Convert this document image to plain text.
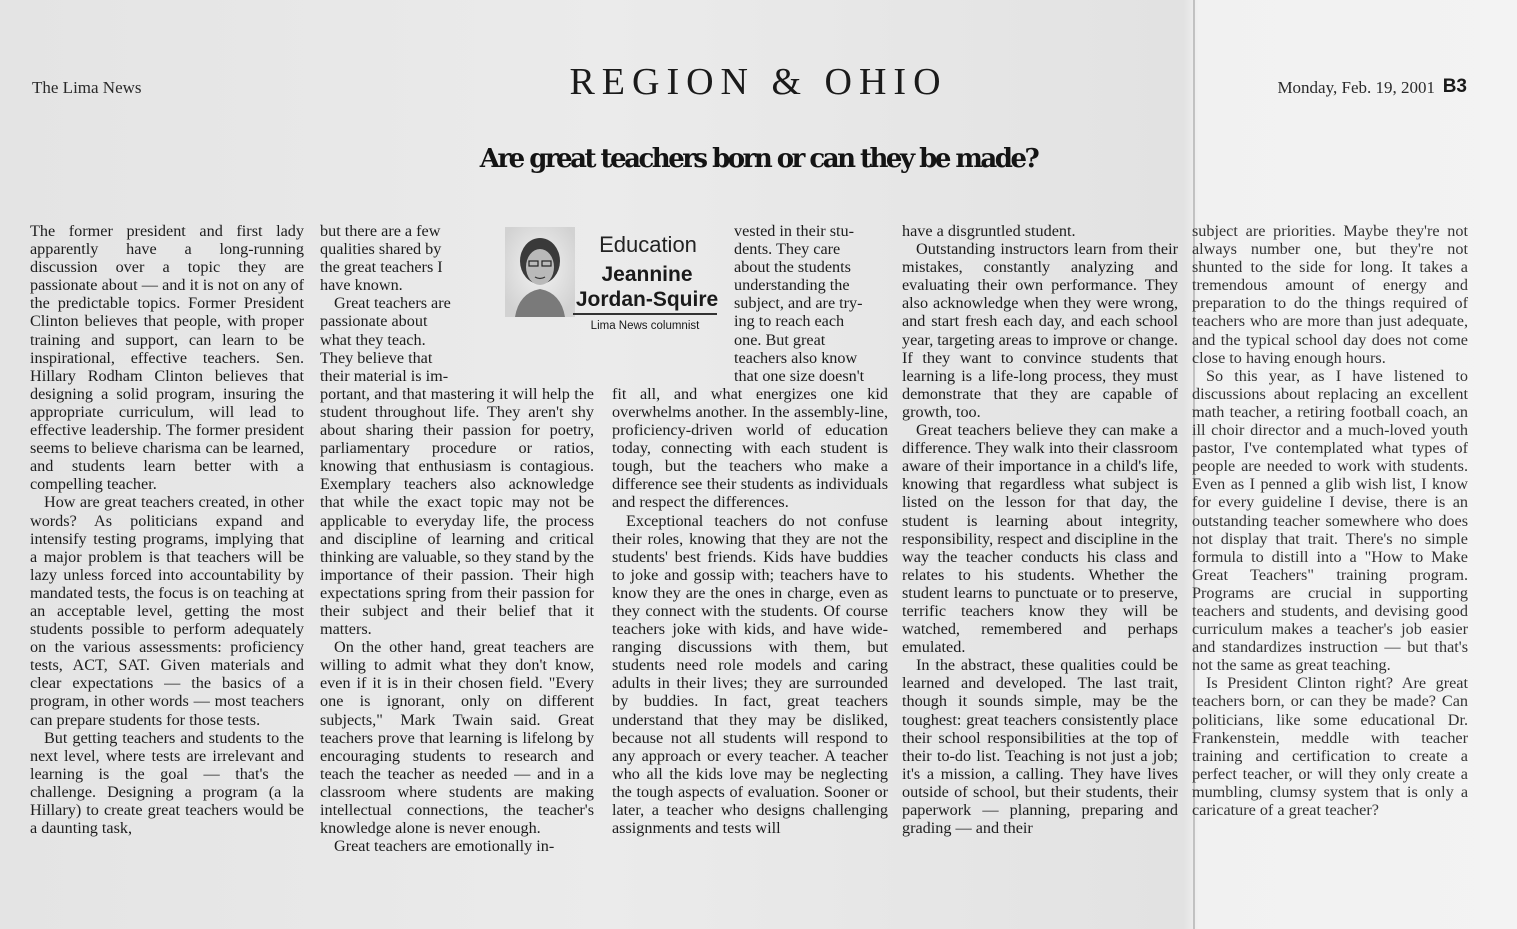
The Lima News	REGION & OHIO	Monday, Feb. 19, 2001 B3
Are great teachers born or can they be made?
Education
Jeannine
Jordan-Squire
Lima News columnist

The former president and first lady apparently have a long-running discussion over a topic they are passionate about — and it is not on any of the predictable topics. Former President Clinton believes that people, with proper training and support, can learn to be inspirational, effective teachers. Sen. Hillary Rodham Clinton believes that designing a solid program, insuring the appropriate curriculum, will lead to effective leadership. The former president seems to believe charisma can be learned, and students learn better with a compelling teacher.

How are great teachers created, in other words? As politicians expand and intensify testing programs, implying that a major problem is that teachers will be lazy unless forced into accountability by mandated tests, the focus is on teaching at an acceptable level, getting the most students possible to perform adequately on the various assessments: proficiency tests, ACT, SAT. Given materials and clear expectations — the basics of a program, in other words — most teachers can prepare students for those tests.

But getting teachers and students to the next level, where tests are irrelevant and learning is the goal — that's the challenge. Designing a program (a la Hillary) to create great teachers would be a daunting task,

but there are a few
qualities shared by
the great teachers I
have known.
Great teachers are
passionate about
what they teach.
They believe that
their material is im-

portant, and that mastering it will help the student throughout life. They aren't shy about sharing their passion for poetry, parliamentary procedure or ratios, knowing that enthusiasm is contagious. Exemplary teachers also acknowledge that while the exact topic may not be applicable to everyday life, the process and discipline of learning and critical thinking are valuable, so they stand by the importance of their passion. Their high expectations spring from their passion for their subject and their belief that it matters.

On the other hand, great teachers are willing to admit what they don't know, even if it is in their chosen field. "Every one is ignorant, only on different subjects," Mark Twain said. Great teachers prove that learning is lifelong by encouraging students to research and teach the teacher as needed — and in a classroom where students are making intellectual connections, the teacher's knowledge alone is never enough.

Great teachers are emotionally in-

vested in their stu-
dents. They care
about the students
understanding the
subject, and are try-
ing to reach each
one. But great
teachers also know
that one size doesn't

fit all, and what energizes one kid overwhelms another. In the assembly-line, proficiency-driven world of education today, connecting with each student is tough, but the teachers who make a difference see their students as individuals and respect the differences.

Exceptional teachers do not confuse their roles, knowing that they are not the students' best friends. Kids have buddies to joke and gossip with; teachers have to know they are the ones in charge, even as they connect with the students. Of course teachers joke with kids, and have wide-ranging discussions with them, but students need role models and caring adults in their lives; they are surrounded by buddies. In fact, great teachers understand that they may be disliked, because not all students will respond to any approach or every teacher. A teacher who all the kids love may be neglecting the tough aspects of evaluation. Sooner or later, a teacher who designs challenging assignments and tests will

have a disgruntled student.

Outstanding instructors learn from their mistakes, constantly analyzing and evaluating their own performance. They also acknowledge when they were wrong, and start fresh each day, and each school year, targeting areas to improve or change. If they want to convince students that learning is a life-long process, they must demonstrate that they are capable of growth, too.

Great teachers believe they can make a difference. They walk into their classroom aware of their importance in a child's life, knowing that regardless what subject is listed on the lesson for that day, the student is learning about integrity, responsibility, respect and discipline in the way the teacher conducts his class and relates to his students. Whether the student learns to punctuate or to preserve, terrific teachers know they will be watched, remembered and perhaps emulated.

In the abstract, these qualities could be learned and developed. The last trait, though it sounds simple, may be the toughest: great teachers consistently place their school responsibilities at the top of their to-do list. Teaching is not just a job; it's a mission, a calling. They have lives outside of school, but their students, their paperwork — planning, preparing and grading — and their

subject are priorities. Maybe they're not always number one, but they're not shunted to the side for long. It takes a tremendous amount of energy and preparation to do the things required of teachers who are more than just adequate, and the typical school day does not come close to having enough hours.

So this year, as I have listened to discussions about replacing an excellent math teacher, a retiring football coach, an ill choir director and a much-loved youth pastor, I've contemplated what types of people are needed to work with students. Even as I penned a glib wish list, I know for every guideline I devise, there is an outstanding teacher somewhere who does not display that trait. There's no simple formula to distill into a "How to Make Great Teachers" training program. Programs are crucial in supporting teachers and students, and devising good curriculum makes a teacher's job easier and standardizes instruction — but that's not the same as great teaching.

Is President Clinton right? Are great teachers born, or can they be made? Can politicians, like some educational Dr. Frankenstein, meddle with teacher training and certification to create a perfect teacher, or will they only create a mumbling, clumsy system that is only a caricature of a great teacher?
